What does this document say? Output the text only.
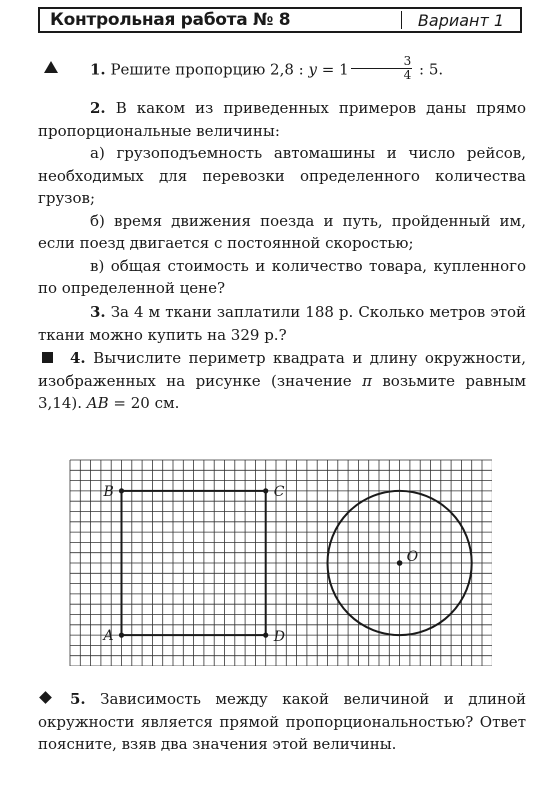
Контрольная работа № 8	Вариант 1

1. Решите пропорцию 2,8 : $y = 1 \frac{3}{4}$ : 5.

2. В каком из приведенных примеров даны прямо пропорциональные величины:

а) грузоподъемность автомашины и число рейсов, необходимых для перевозки определенного количества грузов;

б) время движения поезда и путь, пройденный им, если поезд двигается с постоянной скоростью;

в) общая стоимость и количество товара, купленного по определенной цене?

3. За 4 м ткани заплатили 188 р. Сколько метров этой ткани можно купить на 329 р.?

4. Вычислите периметр квадрата и длину окружности, изображенных на рисунке (значение π возьмите равным 3,14). AB = 20 см.

A
B	C
D
O

5. Зависимость между какой величиной и длиной окружности является прямой пропорциональностью? Ответ поясните, взяв два значения этой величины.
